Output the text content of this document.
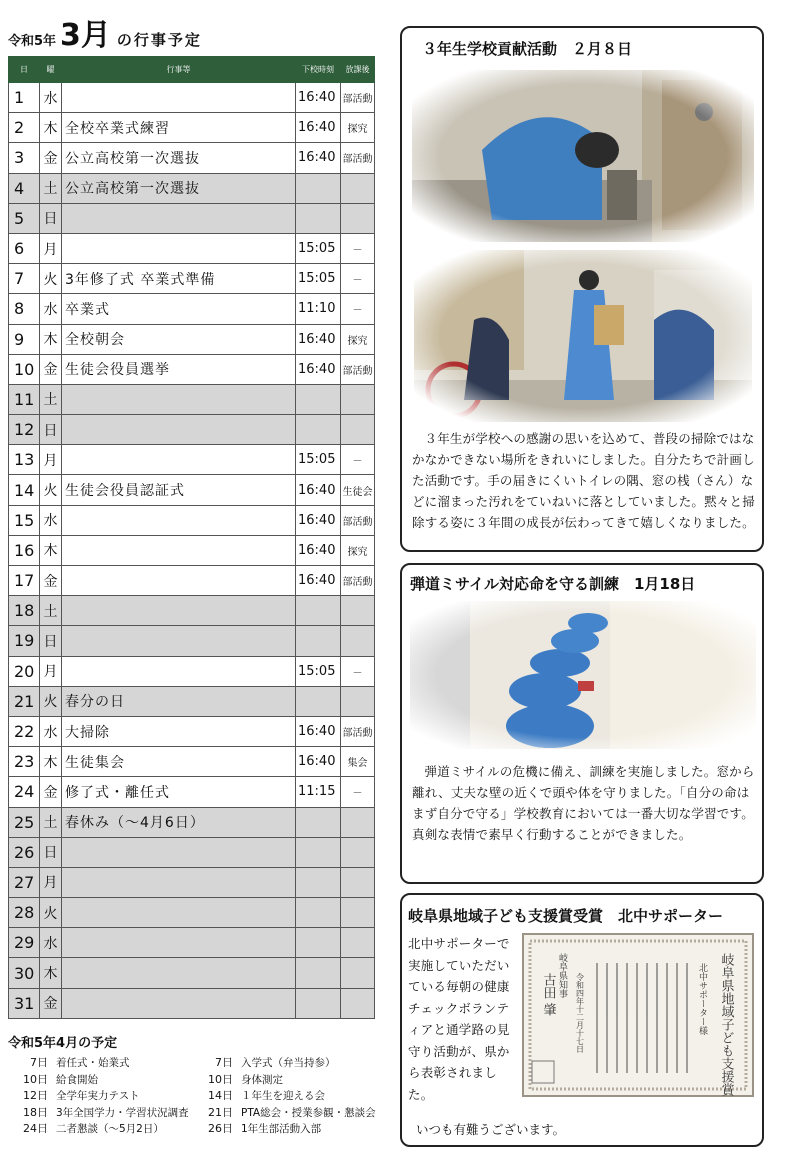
令和5年 3月 の行事予定
日	曜	行事等	下校時刻	放課後
1	水		16:40	部活動
2	木	全校卒業式練習	16:40	探究
3	金	公立高校第一次選抜	16:40	部活動
4	土	公立高校第一次選抜		
5	日			
6	月		15:05	－
7	火	3年修了式 卒業式準備	15:05	－
8	水	卒業式	11:10	－
9	木	全校朝会	16:40	探究
10	金	生徒会役員選挙	16:40	部活動
11	土			
12	日			
13	月		15:05	－
14	火	生徒会役員認証式	16:40	生徒会
15	水		16:40	部活動
16	木		16:40	探究
17	金		16:40	部活動
18	土			
19	日			
20	月		15:05	－
21	火	春分の日		
22	水	大掃除	16:40	部活動
23	木	生徒集会	16:40	集会
24	金	修了式・離任式	11:15	－
25	土	春休み（～4月6日）		
26	日			
27	月			
28	火			
29	水			
30	木			
31	金			
令和5年4月の予定
7日 着任式・始業式	7日 入学式（弁当持参）
10日 給食開始	10日 身体測定
12日 全学年実力テスト	14日 １年生を迎える会
18日 3年全国学力・学習状況調査	21日 PTA総会・授業参観・懇談会
24日 二者懇談（～5月2日）	26日 1年生部活動入部
３年生学校貢献活動　２月８日

３年生が学校への感謝の思いを込めて、普段の掃除ではなかなかできない場所をきれいにしました。自分たちで計画した活動です。手の届きにくいトイレの隅、窓の桟（さん）などに溜まった汚れをていねいに落としていました。黙々と掃除する姿に３年間の成長が伝わってきて嬉しくなりました。

弾道ミサイル対応命を守る訓練　1月18日

弾道ミサイルの危機に備え、訓練を実施しました。窓から離れ、丈夫な壁の近くで頭や体を守りました。「自分の命はまず自分で守る」学校教育においては一番大切な学習です。真剣な表情で素早く行動することができました。

岐阜県地域子ども支援賞受賞　北中サポーター

北中サポーターで実施していただいている毎朝の健康チェックボランティアと通学路の見守り活動が、県から表彰されました。	岐阜県地域子ども支援賞
北中サポーター様
令和四年十二月十七日
岐阜県知事
古田 肇
いつも有難うございます。
